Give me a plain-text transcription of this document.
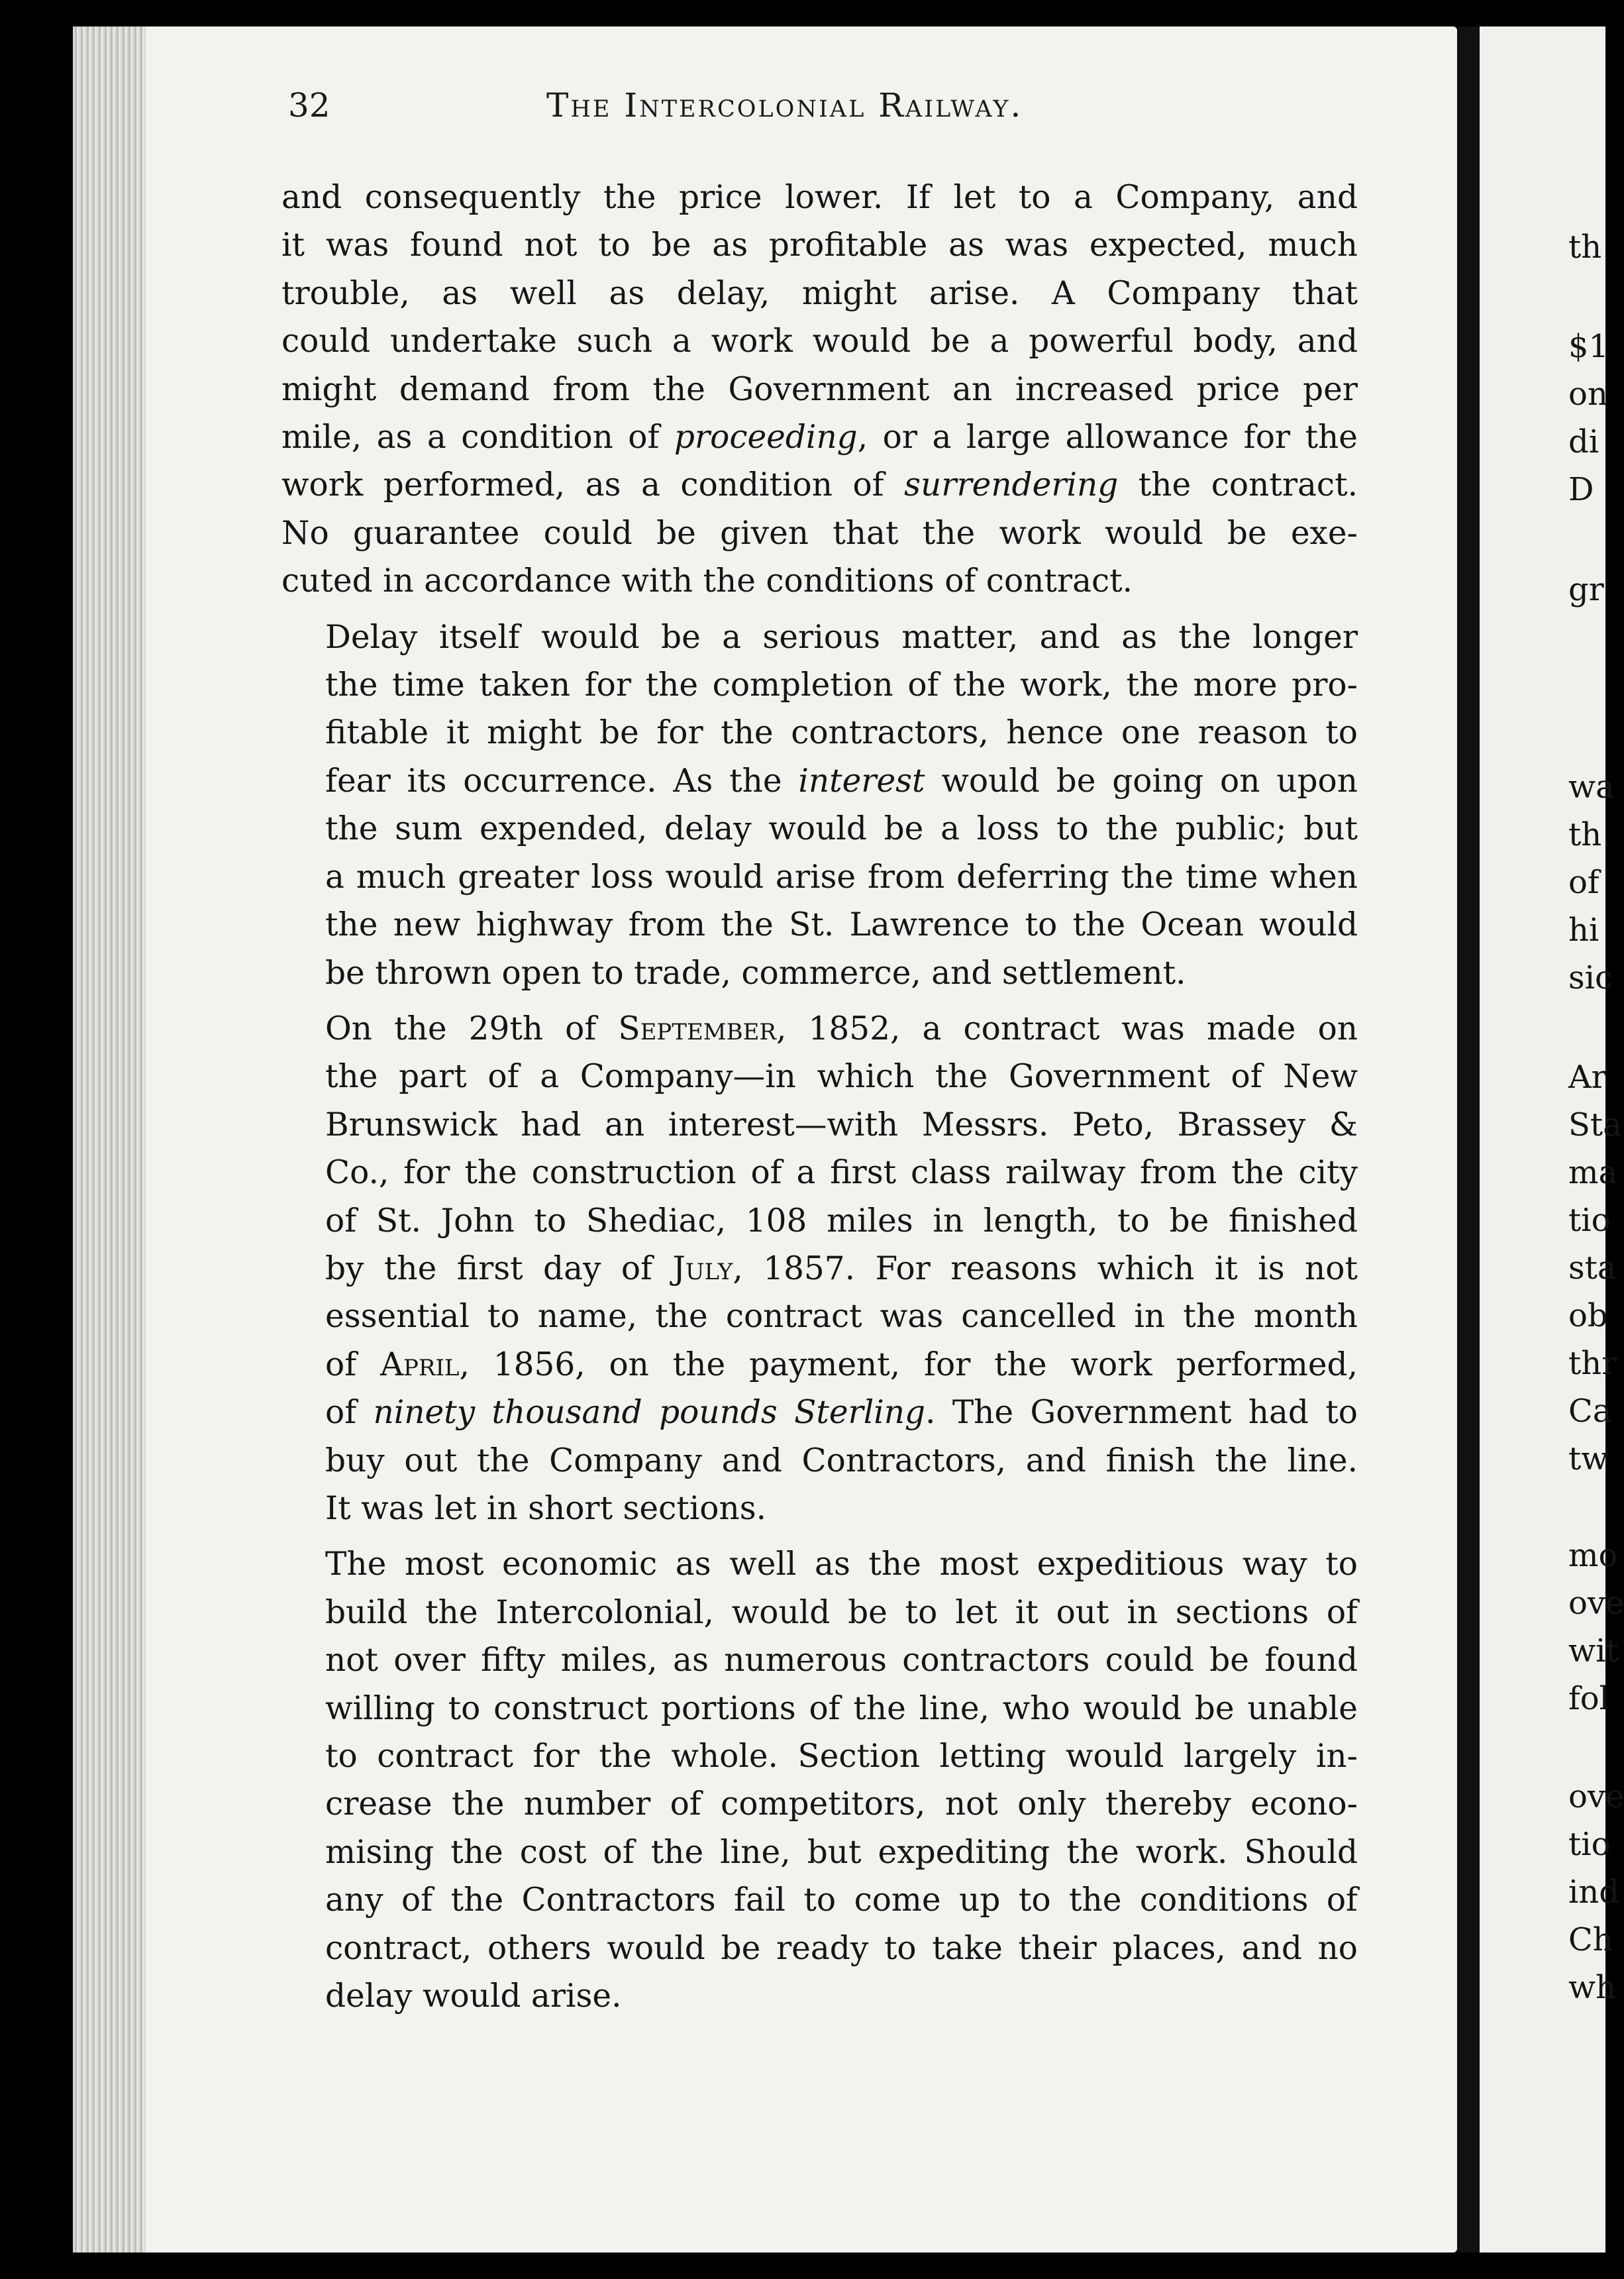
32	The Intercolonial Railway.
and consequently the price lower. If let to a Company, and
it was found not to be as profitable as was expected, much
trouble, as well as delay, might arise. A Company that
could undertake such a work would be a powerful body, and
might demand from the Government an increased price per
mile, as a condition of proceeding, or a large allowance for the
work performed, as a condition of surrendering the contract.
No guarantee could be given that the work would be exe-
cuted in accordance with the conditions of contract.
Delay itself would be a serious matter, and as the longer
the time taken for the completion of the work, the more pro-
fitable it might be for the contractors, hence one reason to
fear its occurrence. As the interest would be going on upon
the sum expended, delay would be a loss to the public; but
a much greater loss would arise from deferring the time when
the new highway from the St. Lawrence to the Ocean would
be thrown open to trade, commerce, and settlement.
On the 29th of September, 1852, a contract was made on
the part of a Company—in which the Government of New
Brunswick had an interest—with Messrs. Peto, Brassey &
Co., for the construction of a first class railway from the city
of St. John to Shediac, 108 miles in length, to be finished
by the first day of July, 1857. For reasons which it is not
essential to name, the contract was cancelled in the month
of April, 1856, on the payment, for the work performed,
of ninety thousand pounds Sterling. The Government had to
buy out the Company and Contractors, and finish the line.
It was let in short sections.
The most economic as well as the most expeditious way to
build the Intercolonial, would be to let it out in sections of
not over fifty miles, as numerous contractors could be found
willing to construct portions of the line, who would be unable
to contract for the whole. Section letting would largely in-
crease the number of competitors, not only thereby econo-
mising the cost of the line, but expediting the work. Should
any of the Contractors fail to come up to the conditions of
contract, others would be ready to take their places, and no
delay would arise.
th
$1
on
di
D
gr
wa
th
of
hi
sic
Ar
Sta
ma
tio
sta
ob
thr
Ca
tw
mo
ove
wit
fol
ove
tio
ind
Ch
wh
